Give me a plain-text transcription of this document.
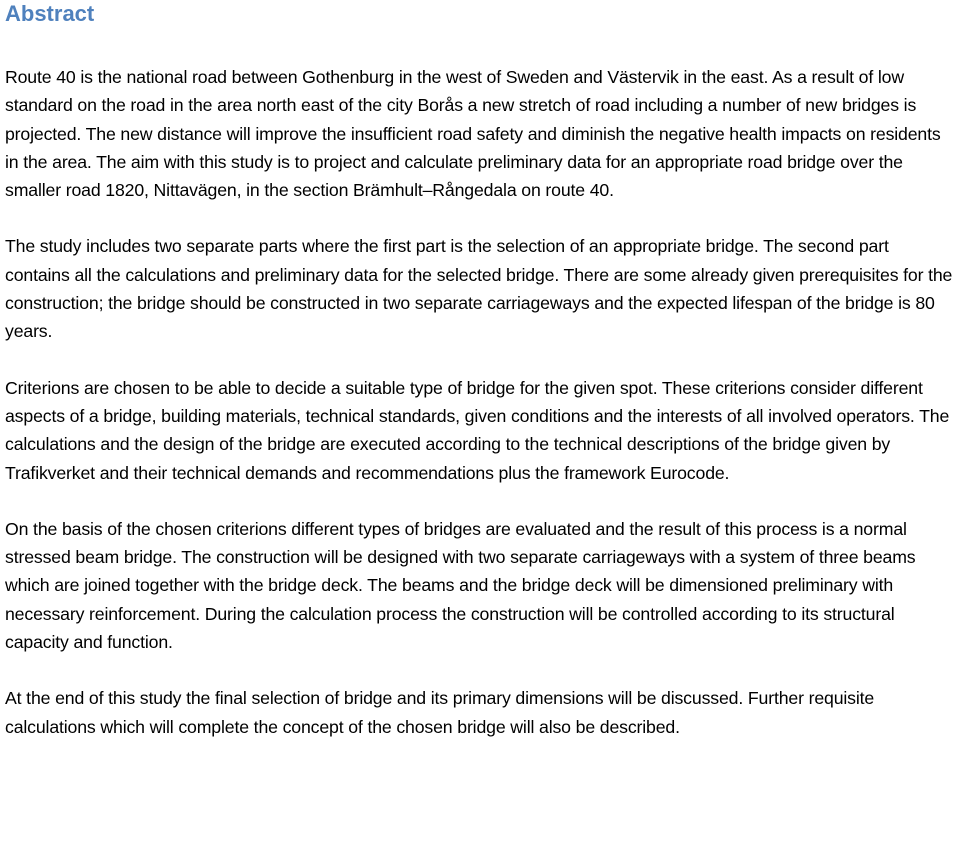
Abstract

Route 40 is the national road between Gothenburg in the west of Sweden and Västervik in the east. As a result of low standard on the road in the area north east of the city Borås a new stretch of road including a number of new bridges is projected. The new distance will improve the insufficient road safety and diminish the negative health impacts on residents in the area. The aim with this study is to project and calculate preliminary data for an appropriate road bridge over the smaller road 1820, Nittavägen, in the section Brämhult–Rångedala on route 40.

The study includes two separate parts where the first part is the selection of an appropriate bridge. The second part contains all the calculations and preliminary data for the selected bridge. There are some already given prerequisites for the construction; the bridge should be constructed in two separate carriageways and the expected lifespan of the bridge is 80 years.

Criterions are chosen to be able to decide a suitable type of bridge for the given spot. These criterions consider different aspects of a bridge, building materials, technical standards, given conditions and the interests of all involved operators. The calculations and the design of the bridge are executed according to the technical descriptions of the bridge given by Trafikverket and their technical demands and recommendations plus the framework Eurocode.

On the basis of the chosen criterions different types of bridges are evaluated and the result of this process is a normal stressed beam bridge. The construction will be designed with two separate carriageways with a system of three beams which are joined together with the bridge deck. The beams and the bridge deck will be dimensioned preliminary with necessary reinforcement. During the calculation process the construction will be controlled according to its structural capacity and function.

At the end of this study the final selection of bridge and its primary dimensions will be discussed. Further requisite calculations which will complete the concept of the chosen bridge will also be described.
